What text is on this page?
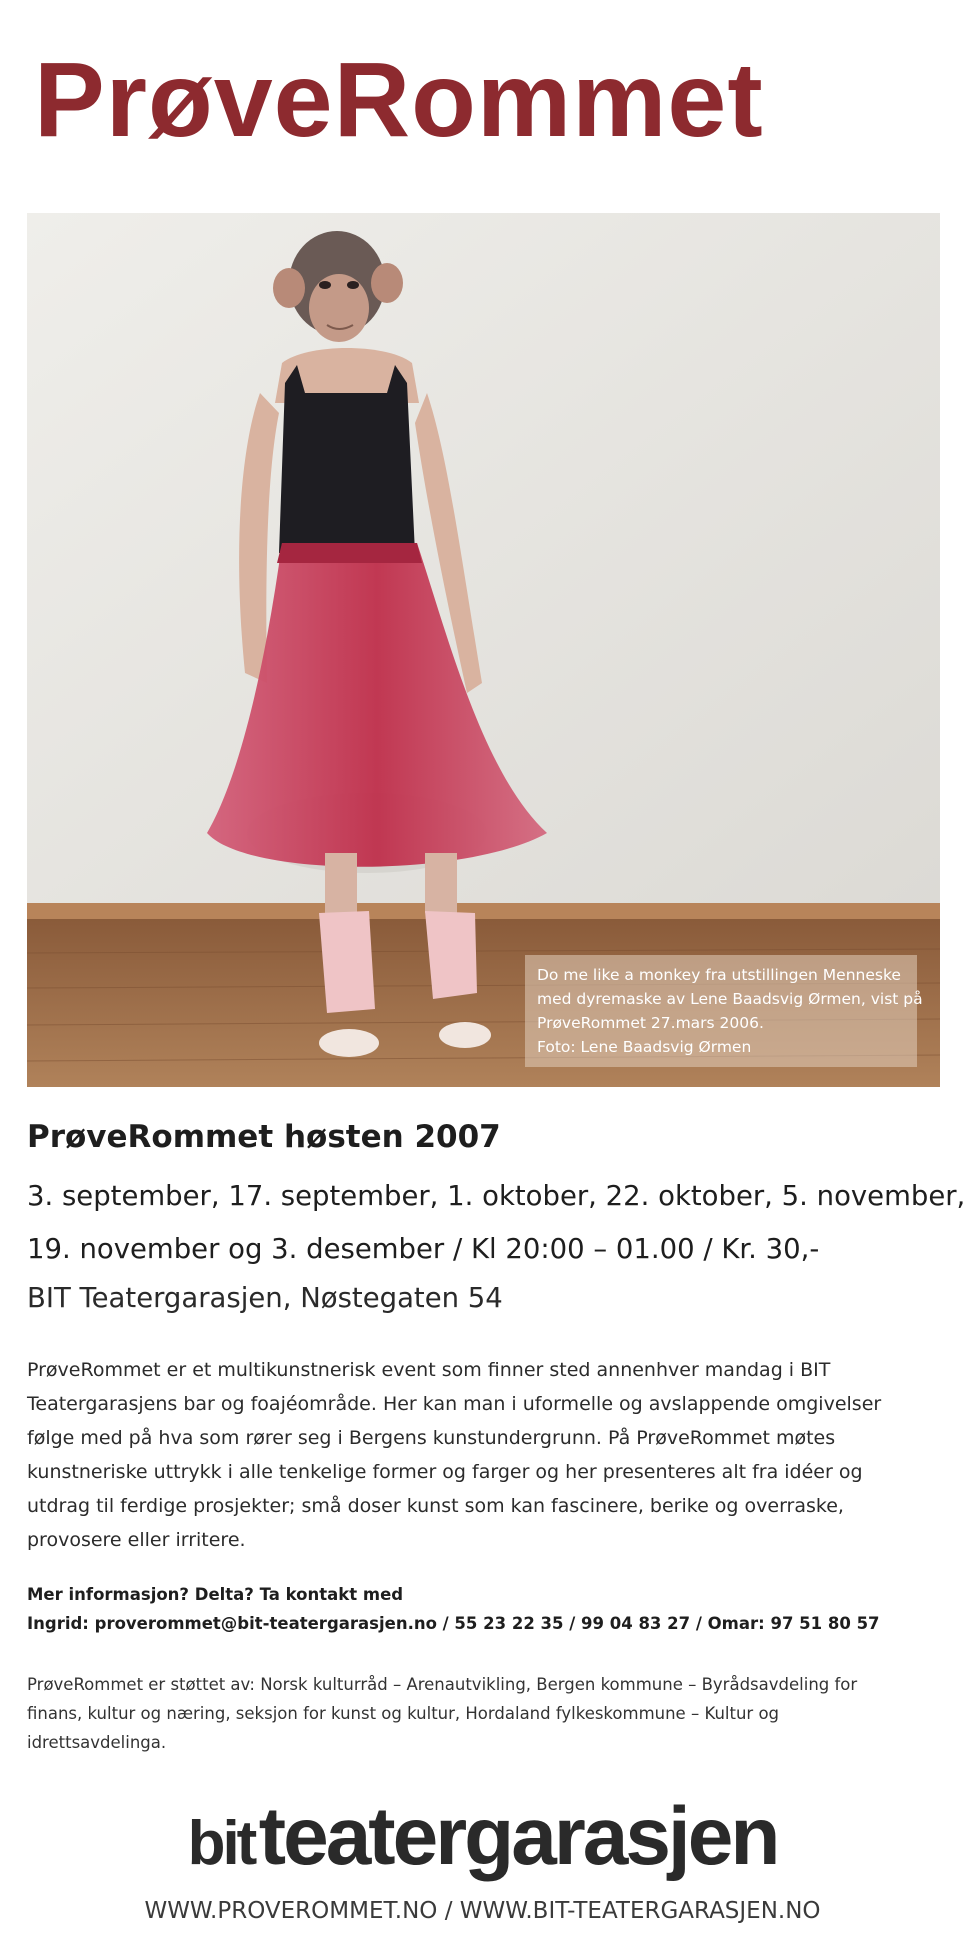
PrøveRommet
Do me like a monkey fra utstillingen Menneske
med dyremaske av Lene Baadsvig Ørmen, vist på
PrøveRommet 27.mars 2006.
Foto: Lene Baadsvig Ørmen
PrøveRommet høsten 2007
3. september, 17. september, 1. oktober, 22. oktober, 5. november,
19. november og 3. desember / Kl 20:00 – 01.00 / Kr. 30,-
BIT Teatergarasjen, Nøstegaten 54
PrøveRommet er et multikunstnerisk event som finner sted annenhver mandag i BIT
Teatergarasjens bar og foajéområde. Her kan man i uformelle og avslappende omgivelser
følge med på hva som rører seg i Bergens kunstundergrunn. På PrøveRommet møtes
kunstneriske uttrykk i alle tenkelige former og farger og her presenteres alt fra idéer og
utdrag til ferdige prosjekter; små doser kunst som kan fascinere, berike og overraske,
provosere eller irritere.
Mer informasjon? Delta? Ta kontakt med
Ingrid: proverommet@bit-teatergarasjen.no / 55 23 22 35 / 99 04 83 27 / Omar: 97 51 80 57
PrøveRommet er støttet av: Norsk kulturråd – Arenautvikling, Bergen kommune – Byrådsavdeling for
finans, kultur og næring, seksjon for kunst og kultur, Hordaland fylkeskommune – Kultur og
idrettsavdelinga.
bit teatergarasjen
WWW.PROVEROMMET.NO / WWW.BIT-TEATERGARASJEN.NO
